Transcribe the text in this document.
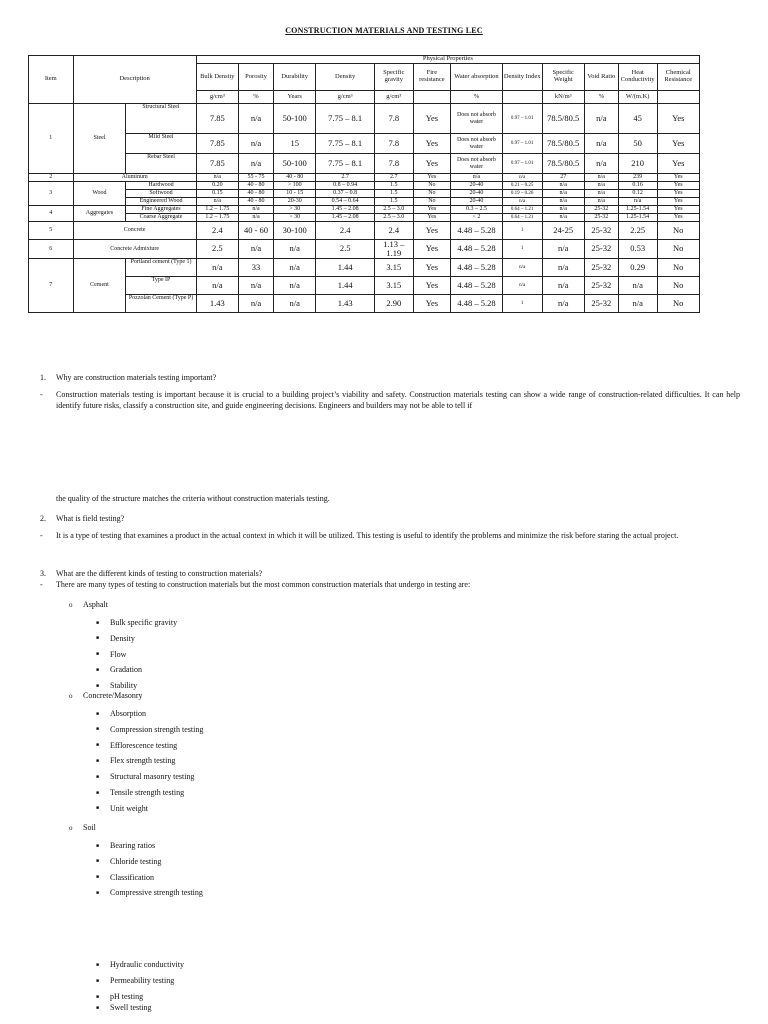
CONSTRUCTION MATERIALS AND TESTING LEC
Item	Description		Physical Properties											
			Bulk Density	Porosity	Durability	Density	Specific gravity	Fire resistance	Water absorption	Density Index	Specific Weight	Void Ratio	Heat Conductivity	Chemical Resistance
			g/cm³	%	Years	g/cm³	g/cm³		%		kN/m³	%	W/(m.K)	
1	Steel	Structural Steel	7.85	n/a	50-100	7.75 – 8.1	7.8	Yes	Does not absorb water	0.97 – 1.01	78.5/80.5	n/a	45	Yes
		Mild Steel	7.85	n/a	15	7.75 – 8.1	7.8	Yes	Does not absorb water	0.97 – 1.01	78.5/80.5	n/a	50	Yes
		Rebar Steel	7.85	n/a	50-100	7.75 – 8.1	7.8	Yes	Does not absorb water	0.97 – 1.01	78.5/80.5	n/a	210	Yes
2	Aluminum		n/a	55 - 75	40 - 80	2.7	2.7	Yes	n/a	n/a	27	n/a	239	Yes
3	Wood	Hardwood	0.20	40 - 80	> 100	0.8 – 0.94	1.5	No	20-40	0.21 – 0.25	n/a	n/a	0.16	Yes
		Softwood	0.15	40 - 80	10 - 15	0.37 – 0.8	1.5	No	20-40	0.19 – 0.26	n/a	n/a	0.12	Yes
		Engineered Wood	n/a	40 - 80	20-30	0.54 – 0.64	1.5	No	20-40	n/a	n/a	n/a	n/a	Yes
4	Aggregates	Fine Aggregates	1.2 – 1.75	n/a	> 30	1.45 – 2.08	2.5 – 3.0	Yes	0.3 – 2.5	0.64 – 1.21	n/a	25-32	1.25-1.54	Yes
		Coarse Aggregate	1.2 – 1.75	n/a	> 30	1.45 – 2.08	2.5 – 3.0	Yes	< 2	0.64 – 1.21	n/a	25-32	1.25-1.54	Yes
5	Concrete		2.4	40 - 60	30-100	2.4	2.4	Yes	4.48 – 5.28	1	24-25	25-32	2.25	No
6	Concrete Admixture		2.5	n/a	n/a	2.5	1.13 – 1.19	Yes	4.48 – 5.28	1	n/a	25-32	0.53	No
7	Cement	Portland cement (Type 1)	n/a	33	n/a	1.44	3.15	Yes	4.48 – 5.28	n/a	n/a	25-32	0.29	No
		Type IP	n/a	n/a	n/a	1.44	3.15	Yes	4.48 – 5.28	n/a	n/a	25-32	n/a	No
		Pozzolan Cement (Type P)	1.43	n/a	n/a	1.43	2.90	Yes	4.48 – 5.28	1	n/a	25-32	n/a	No
1. Why are construction materials testing important?
- Construction materials testing is important because it is crucial to a building project’s viability and safety. Construction materials testing can show a wide range of construction-related difficulties. It can help identify future risks, classify a construction site, and guide engineering decisions. Engineers and builders may not be able to tell if
the quality of the structure matches the criteria without construction materials testing.
2. What is field testing?
- It is a type of testing that examines a product in the actual context in which it will be utilized. This testing is useful to identify the problems and minimize the risk before staring the actual project.
3. What are the different kinds of testing to construction materials?
- There are many types of testing to construction materials but the most common construction materials that undergo in testing are:
o Asphalt
■ Bulk specific gravity
■ Density
■ Flow
■ Gradation
■ Stability
o Concrete/Masonry
■ Absorption
■ Compression strength testing
■ Efflorescence testing
■ Flex strength testing
■ Structural masonry testing
■ Tensile strength testing
■ Unit weight
o Soil
■ Bearing ratios
■ Chloride testing
■ Classification
■ Compressive strength testing
■ Hydraulic conductivity
■ Permeability testing
■ pH testing
■ Swell testing
